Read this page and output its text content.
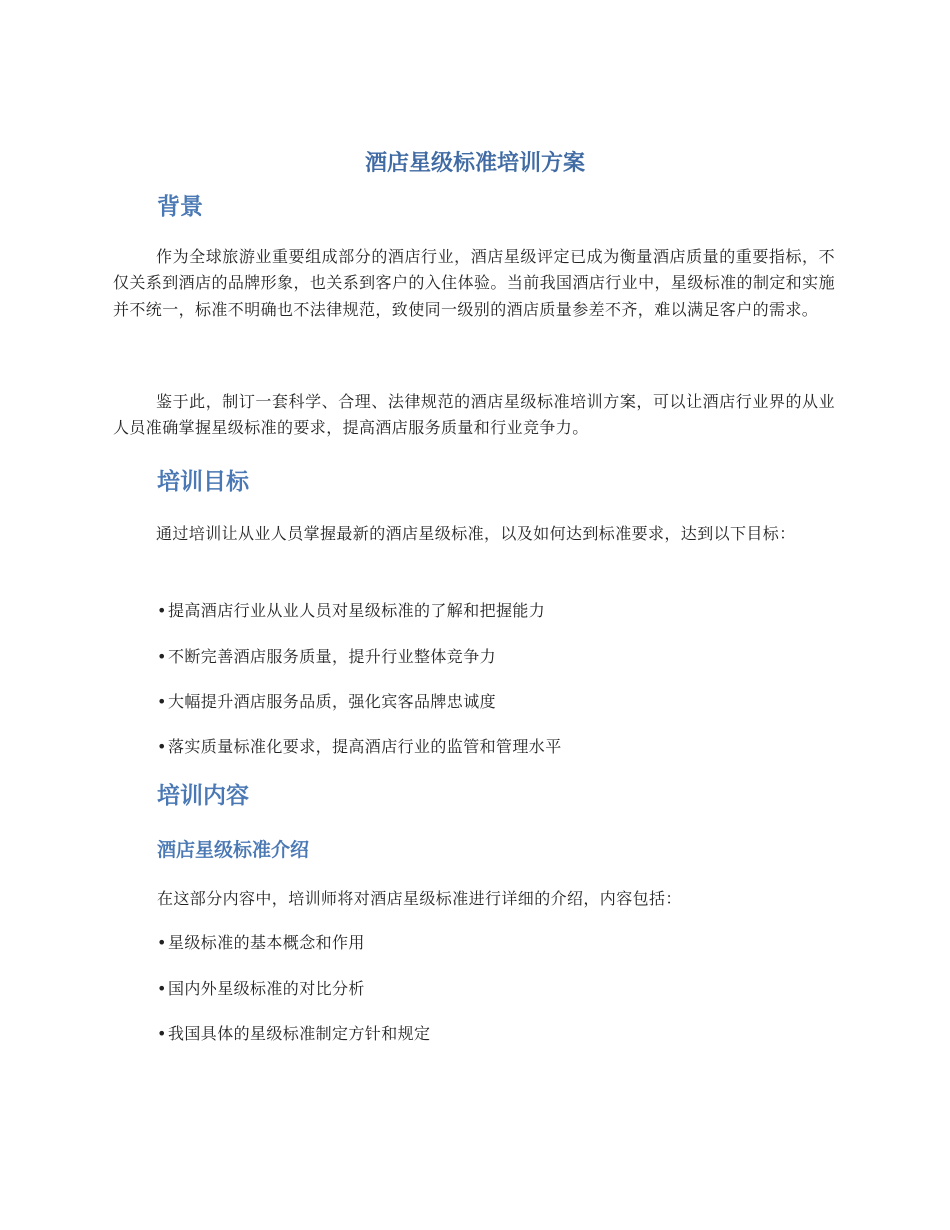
酒店星级标准培训方案
背景

作为全球旅游业重要组成部分的酒店行业，酒店星级评定已成为衡量酒店质量的重要指标，不仅关系到酒店的品牌形象，也关系到客户的入住体验。当前我国酒店行业中，星级标准的制定和实施并不统一，标准不明确也不法律规范，致使同一级别的酒店质量参差不齐，难以满足客户的需求。

鉴于此，制订一套科学、合理、法律规范的酒店星级标准培训方案，可以让酒店行业界的从业人员准确掌握星级标准的要求，提高酒店服务质量和行业竞争力。

培训目标

通过培训让从业人员掌握最新的酒店星级标准，以及如何达到标准要求，达到以下目标：

•提高酒店行业从业人员对星级标准的了解和把握能力
•不断完善酒店服务质量，提升行业整体竞争力
•大幅提升酒店服务品质，强化宾客品牌忠诚度
•落实质量标准化要求，提高酒店行业的监管和管理水平
培训内容
酒店星级标准介绍

在这部分内容中，培训师将对酒店星级标准进行详细的介绍，内容包括：

•星级标准的基本概念和作用
•国内外星级标准的对比分析
•我国具体的星级标准制定方针和规定
